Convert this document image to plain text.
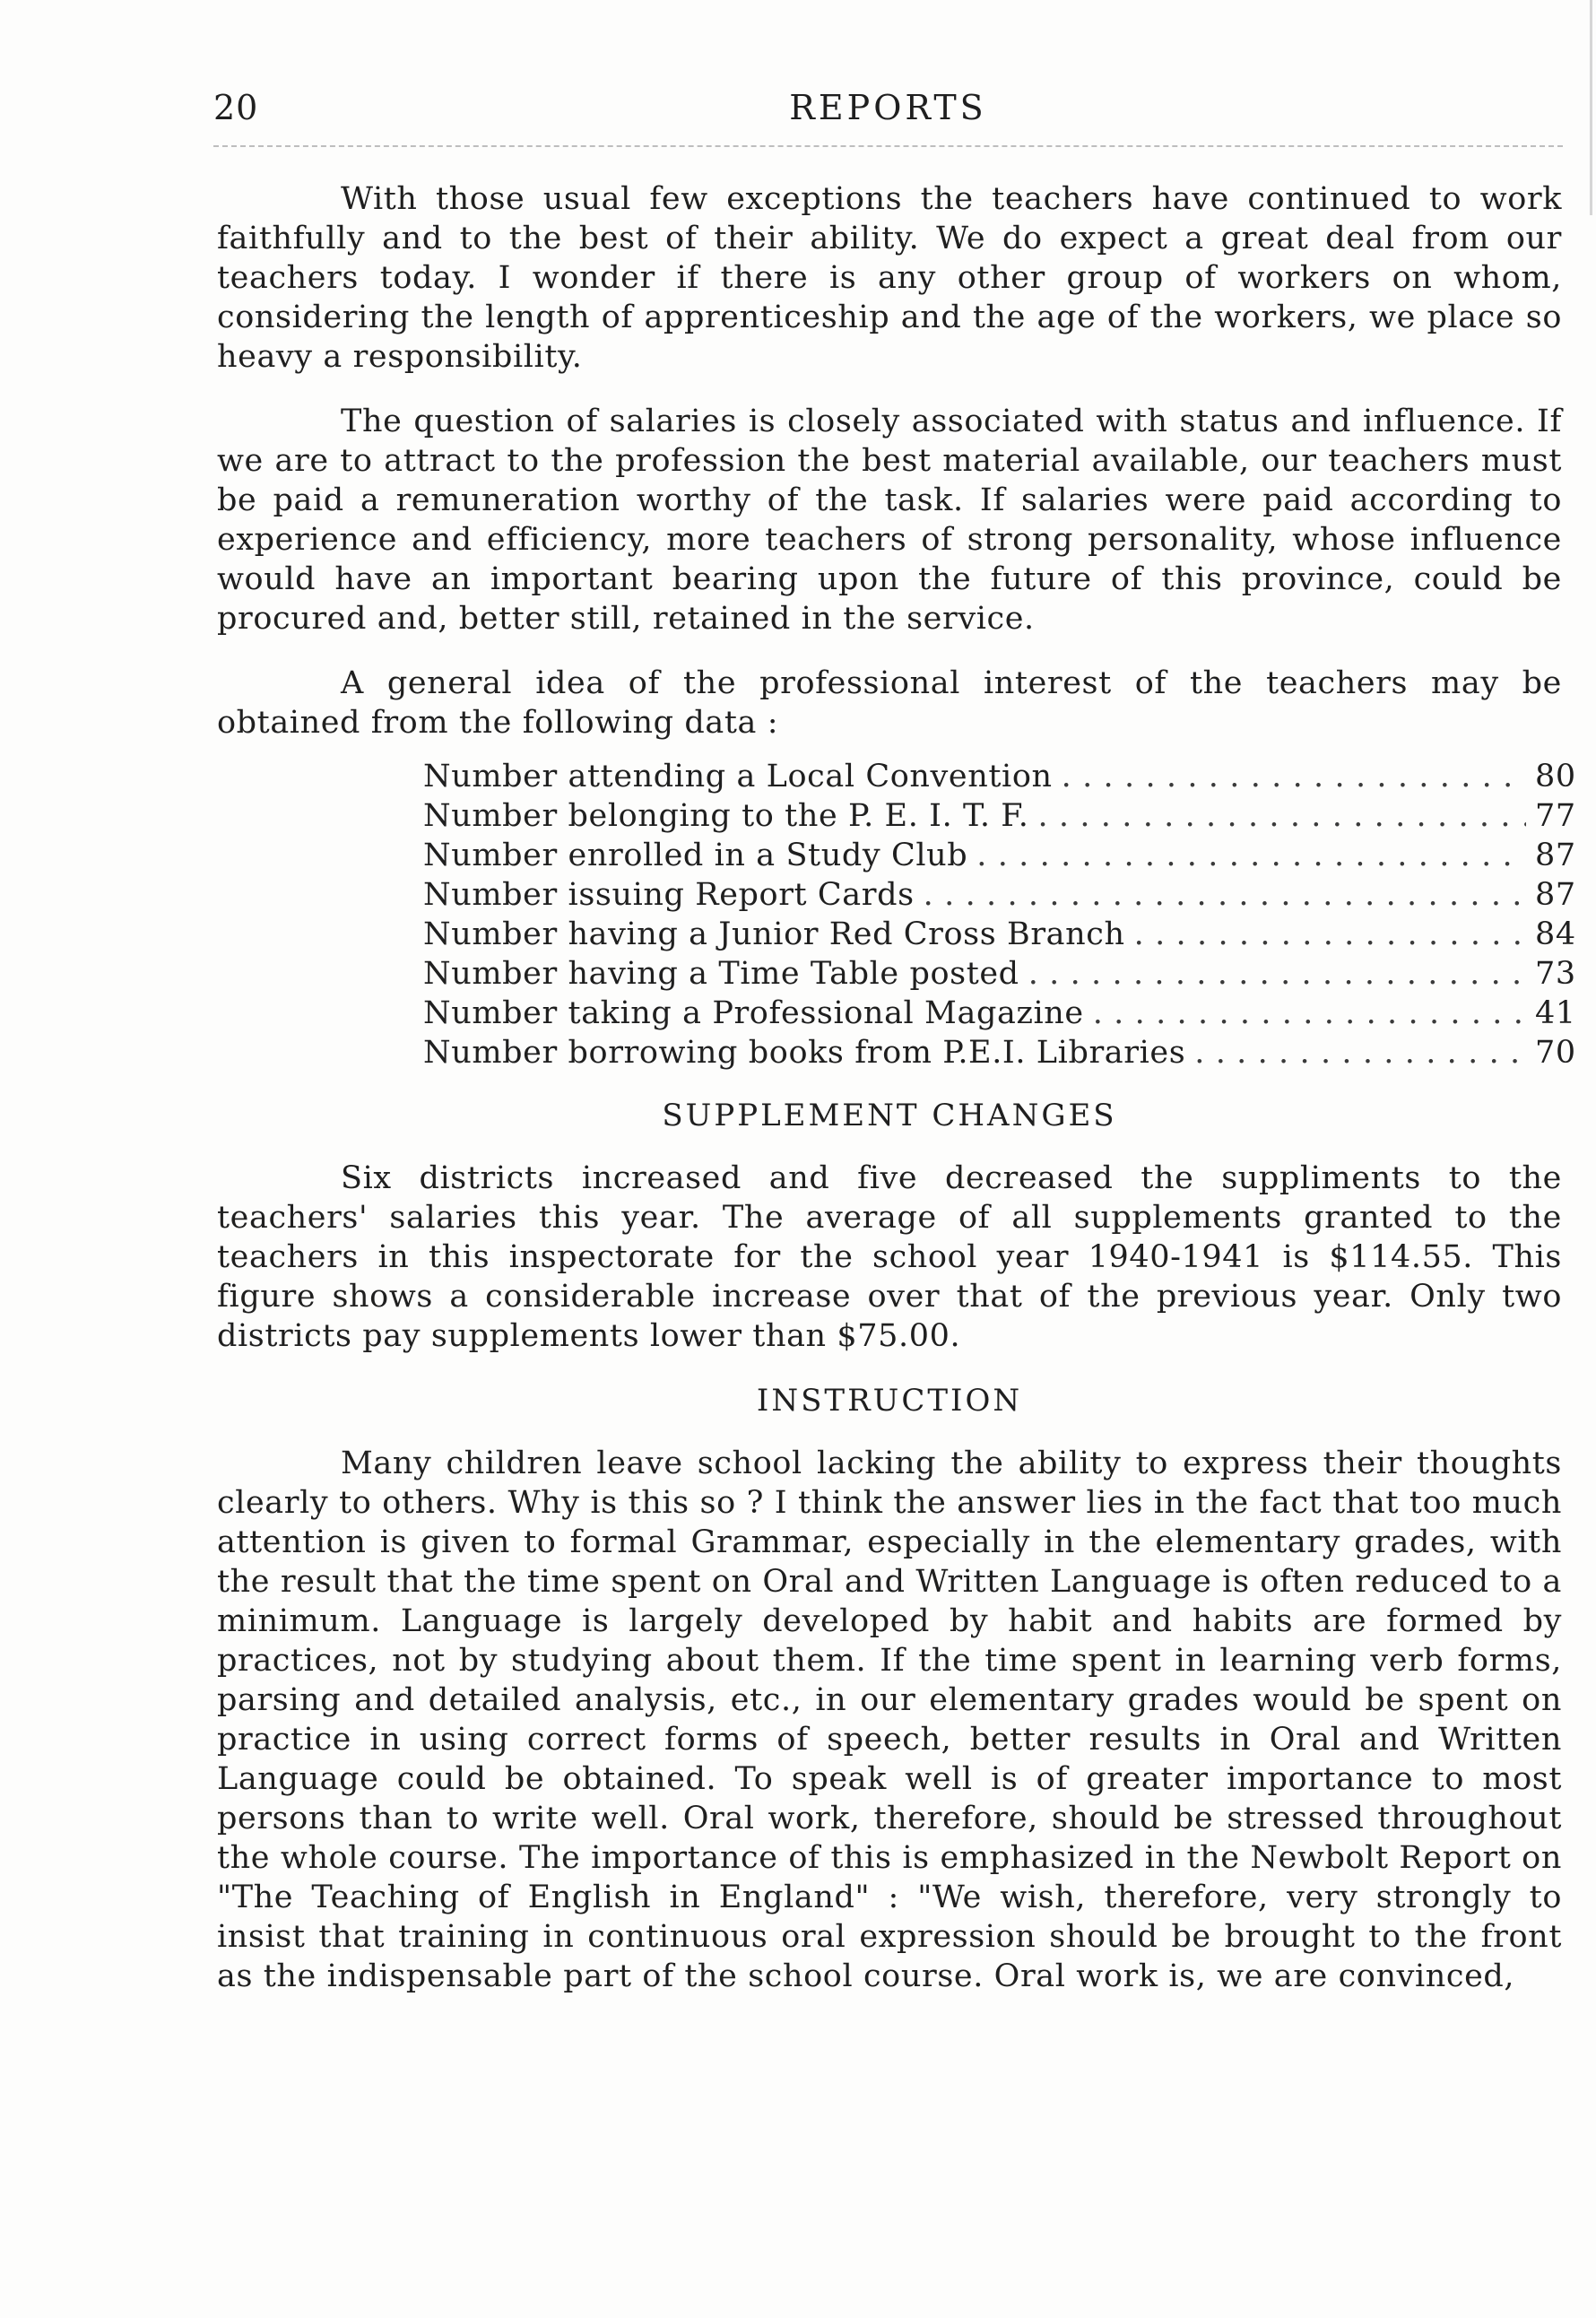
20	REPORTS

With those usual few exceptions the teachers have continued to work faithfully and to the best of their ability. We do expect a great deal from our teachers today. I wonder if there is any other group of workers on whom, considering the length of apprenticeship and the age of the workers, we place so heavy a responsibility.

The question of salaries is closely associated with status and influence. If we are to attract to the profession the best material available, our teachers must be paid a remuneration worthy of the task. If salaries were paid according to experience and efficiency, more teachers of strong personality, whose influence would have an important bearing upon the future of this province, could be procured and, better still, retained in the service.

A general idea of the professional interest of the teachers may be obtained from the following data :

Number attending a Local Convention . . .	80
Number belonging to the P. E. I. T. F. . . .	77
Number enrolled in a Study Club . . .	87
Number issuing Report Cards . . .	87
Number having a Junior Red Cross Branch . . .	84
Number having a Time Table posted . . .	73
Number taking a Professional Magazine . . .	41
Number borrowing books from P.E.I. Libraries . . .	70
SUPPLEMENT CHANGES

Six districts increased and five decreased the suppliments to the teachers' salaries this year. The average of all supplements granted to the teachers in this inspectorate for the school year 1940-1941 is $114.55. This figure shows a considerable increase over that of the previous year. Only two districts pay supplements lower than $75.00.

INSTRUCTION

Many children leave school lacking the ability to express their thoughts clearly to others. Why is this so ? I think the answer lies in the fact that too much attention is given to formal Grammar, especially in the elementary grades, with the result that the time spent on Oral and Written Language is often reduced to a minimum. Language is largely developed by habit and habits are formed by practices, not by studying about them. If the time spent in learning verb forms, parsing and detailed analysis, etc., in our elementary grades would be spent on practice in using correct forms of speech, better results in Oral and Written Language could be obtained. To speak well is of greater importance to most persons than to write well. Oral work, therefore, should be stressed throughout the whole course. The importance of this is emphasized in the Newbolt Report on "The Teaching of English in England" : "We wish, therefore, very strongly to insist that training in continuous oral expression should be brought to the front as the indispensable part of the school course. Oral work is, we are convinced,
